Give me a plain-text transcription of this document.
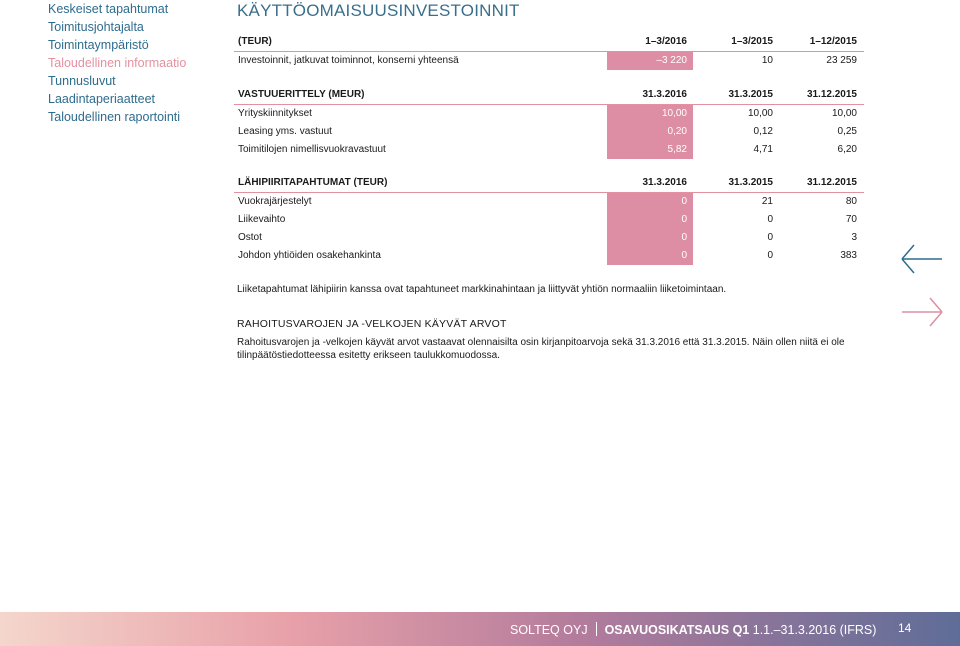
Keskeiset tapahtumat
Toimitusjohtajalta
Toimintaympäristö
Taloudellinen informaatio
Tunnusluvut
Laadintaperiaatteet
Taloudellinen raportointi
KÄYTTÖOMAISUUSINVESTOINNIT
(TEUR)	1–3/2016	1–3/2015	1–12/2015
Investoinnit, jatkuvat toiminnot, konserni yhteensä	–3 220	10	23 259
VASTUUERITTELY (MEUR)	31.3.2016	31.3.2015	31.12.2015
Yrityskiinnitykset	10,00	10,00	10,00
Leasing yms. vastuut	0,20	0,12	0,25
Toimitilojen nimellisvuokravastuut	5,82	4,71	6,20
LÄHIPIIRITAPAHTUMAT (TEUR)	31.3.2016	31.3.2015	31.12.2015
Vuokrajärjestelyt	0	21	80
Liikevaihto	0	0	70
Ostot	0	0	3
Johdon yhtiöiden osakehankinta	0	0	383
Liiketapahtumat lähipiirin kanssa ovat tapahtuneet markkinahintaan ja liittyvät yhtiön normaaliin liiketoimintaan.
RAHOITUSVAROJEN JA -VELKOJEN KÄYVÄT ARVOT
Rahoitusvarojen ja -velkojen käyvät arvot vastaavat olennaisilta osin kirjanpitoarvoja sekä 31.3.2016 että 31.3.2015. Näin ollen niitä ei ole tilinpäätöstiedotteessa esitetty erikseen taulukkomuodossa.
SOLTEQ OYJ OSAVUOSIKATSAUS Q1 1.1.–31.3.2016 (IFRS) 14
